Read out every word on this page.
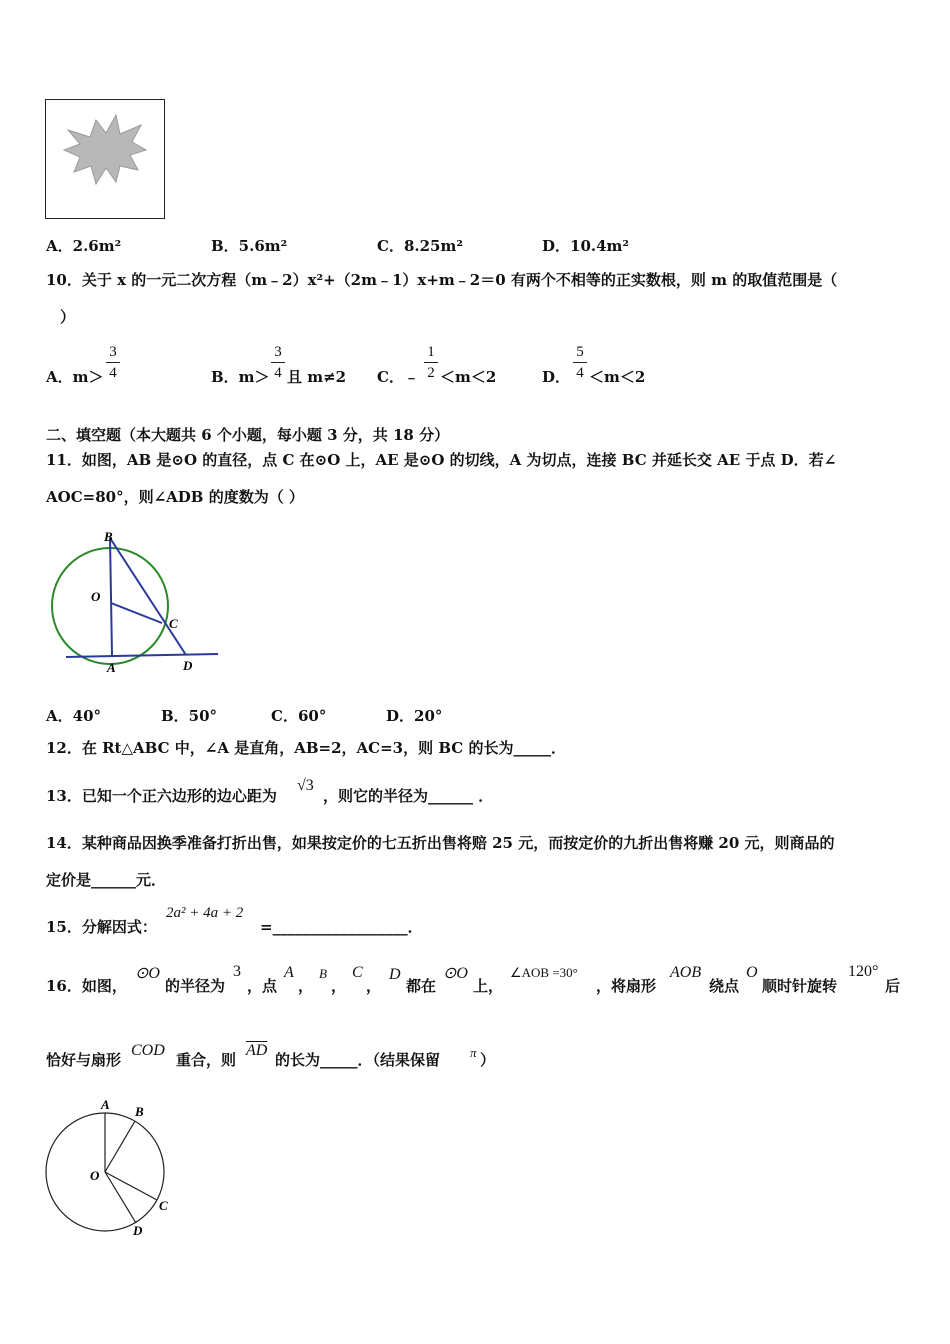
A．2.6m²	B．5.6m²	C．8.25m²	D．10.4m²
10．关于 x 的一元二次方程（m﹣2）x²+（2m﹣1）x+m﹣2＝0 有两个不相等的正实数根，则 m 的取值范围是（
）
A．m＞
3
4	B．m＞
3
4 且 m≠2 C．﹣
1
2 ＜m＜2	D．
5
4 ＜m＜2
二、填空题（本大题共 6 个小题，每小题 3 分，共 18 分）
11．如图，AB 是⊙O 的直径，点 C 在⊙O 上，AE 是⊙O 的切线，A 为切点，连接 BC 并延长交 AE 于点 D．若∠
AOC=80°，则∠ADB 的度数为（ ）
B
O
C
A	D
A．40°	B．50°	C．60°	D．20°
12．在 Rt△ABC 中，∠A 是直角，AB=2，AC=3，则 BC 的长为_____．
13．已知一个正六边形的边心距为
√3
，则它的半径为______ ．
14．某种商品因换季准备打折出售，如果按定价的七五折出售将赔 25 元，而按定价的九折出售将赚 20 元，则商品的
定价是______元．
15．分解因式：
2a² + 4a + 2
=__________________．
16．如图，
⊙O
的半径为
3
，点
A
，
B
，
C
，
D
都在
⊙O
上，
∠AOB =30°
，将扇形
AOB
绕点
O
顺时针旋转
120°
后
恰好与扇形
COD
重合，则
$\overline{AD}$
的长为_____．（结果保留 π ）
A B
O
C
D
